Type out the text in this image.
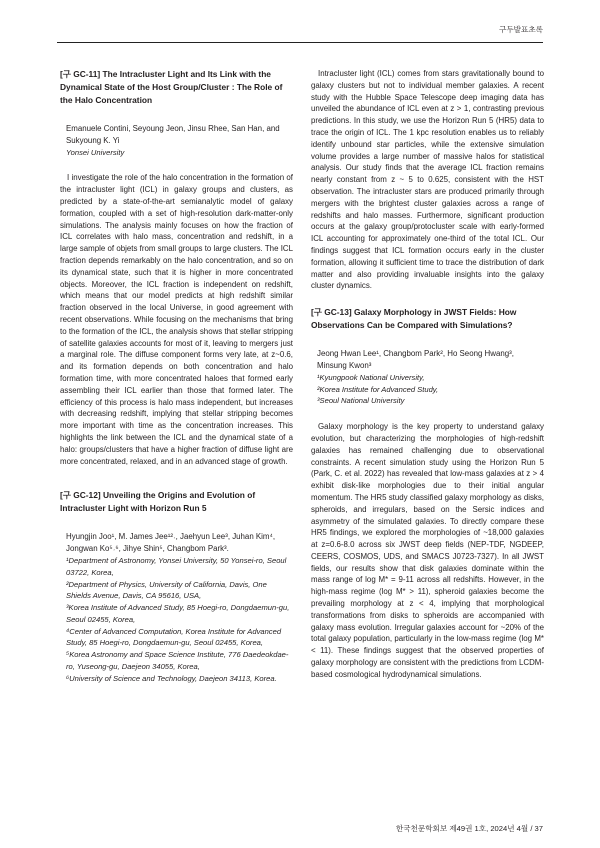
구두발표초록

[구 GC-11] The Intracluster Light and Its Link with the Dynamical State of the Host Group/Cluster : The Role of the Halo Concentration

Emanuele Contini, Seyoung Jeon, Jinsu Rhee, San Han, and Sukyoung K. Yi

Yonsei University

I investigate the role of the halo concentration in the formation of the intracluster light (ICL) in galaxy groups and clusters, as predicted by a state-of-the-art semianalytic model of galaxy formation, coupled with a set of high-resolution dark-matter-only simulations. The analysis mainly focuses on how the fraction of ICL correlates with halo mass, concentration and redshift, in a large sample of objets from small groups to large clusters. The ICL fraction depends remarkably on the halo concentration, and so on its dynamical state, such that it is higher in more concentrated objects. Moreover, the ICL fraction is independent on redshift, which means that our model predicts at high redshift similar fraction observed in the local Universe, in good agreement with recent observations. While focusing on the mechanisms that bring to the formation of the ICL, the analysis shows that stellar stripping of satellite galaxies accounts for most of it, leaving to mergers just a marginal role. The diffuse component forms very late, at z~0.6, and its formation depends on both concentration and halo formation time, with more concentrated haloes that formed early assembling their ICL earlier than those that formed later. The efficiency of this process is halo mass independent, but increases with decreasing redshift, implying that stellar stripping becomes more important with time as the concentration increases. This highlights the link between the ICL and the dynamical state of a halo: groups/clusters that have a higher fraction of diffuse light are more concentrated, relaxed, and in an advanced stage of growth.

[구 GC-12] Unveiling the Origins and Evolution of Intracluster Light with Horizon Run 5

Hyungjin Joo¹, M. James Jee¹²˒, Jaehyun Lee³, Juhan Kim⁴, Jongwan Ko⁵˒⁶, Jihye Shin⁵, Changbom Park³.

¹Department of Astronomy, Yonsei University, 50 Yonsei-ro, Seoul 03722, Korea,

²Department of Physics, University of California, Davis, One Shields Avenue, Davis, CA 95616, USA,

³Korea Institute of Advanced Study, 85 Hoegi-ro, Dongdaemun-gu, Seoul 02455, Korea,

⁴Center of Advanced Computation, Korea Institute for Advanced Study, 85 Hoegi-ro, Dongdaemun-gu, Seoul 02455, Korea,

⁵Korea Astronomy and Space Science Institute, 776 Daedeokdae-ro, Yuseong-gu, Daejeon 34055, Korea,

⁶University of Science and Technology, Daejeon 34113, Korea.

Intracluster light (ICL) comes from stars gravitationally bound to galaxy clusters but not to individual member galaxies. A recent study with the Hubble Space Telescope deep imaging data has unveiled the abundance of ICL even at z > 1, contrasting previous predictions. In this study, we use the Horizon Run 5 (HR5) data to trace the origin of ICL. The 1 kpc resolution enables us to reliably identify unbound star particles, while the extensive simulation volume provides a large number of massive halos for statistical analysis. Our study finds that the average ICL fraction remains nearly constant from z ~ 5 to 0.625, consistent with the HST observation. The intracluster stars are produced primarily through mergers with the brightest cluster galaxies across a range of redshifts and halo masses. Furthermore, significant production occurs at the galaxy group/protocluster scale with early-formed ICL accounting for approximately one-third of the total ICL. Our findings suggest that ICL formation occurs early in the cluster formation, allowing it sufficient time to trace the distribution of dark matter and also providing invaluable insights into the galaxy cluster dynamics.

[구 GC-13] Galaxy Morphology in JWST Fields: How Observations Can be Compared with Simulations?

Jeong Hwan Lee¹, Changbom Park², Ho Seong Hwang³, Minsung Kwon³

¹Kyungpook National University,

²Korea Institute for Advanced Study,

³Seoul National University

Galaxy morphology is the key property to understand galaxy evolution, but characterizing the morphologies of high-redshift galaxies has remained challenging due to observational constraints. A recent simulation study using the Horizon Run 5 (Park, C. et al. 2022) has revealed that low-mass galaxies at z > 4 exhibit disk-like morphologies due to their initial angular momentum. The HR5 study classified galaxy morphology as disks, spheroids, and irregulars, based on the Sersic indices and asymmetry of the simulated galaxies. To directly compare these HR5 findings, we explored the morphologies of ~18,000 galaxies at z=0.6-8.0 across six JWST deep fields (NEP-TDF, NGDEEP, CEERS, COSMOS, UDS, and SMACS J0723-7327). In all JWST fields, our results show that disk galaxies dominate within the mass range of log M* = 9-11 across all redshifts. However, in the high-mass regime (log M* > 11), spheroid galaxies become the prevailing morphology at z < 4, implying that morphological transformations from disks to spheroids are accompanied with galaxy mass evolution. Irregular galaxies account for ~20% of the total galaxy population, particularly in the low-mass regime (log M* < 11). These findings suggest that the observed properties of galaxy morphology are consistent with the predictions from LCDM-based cosmological hydrodynamical simulations.

한국천문학회보 제49권 1호, 2024년 4월 / 37
